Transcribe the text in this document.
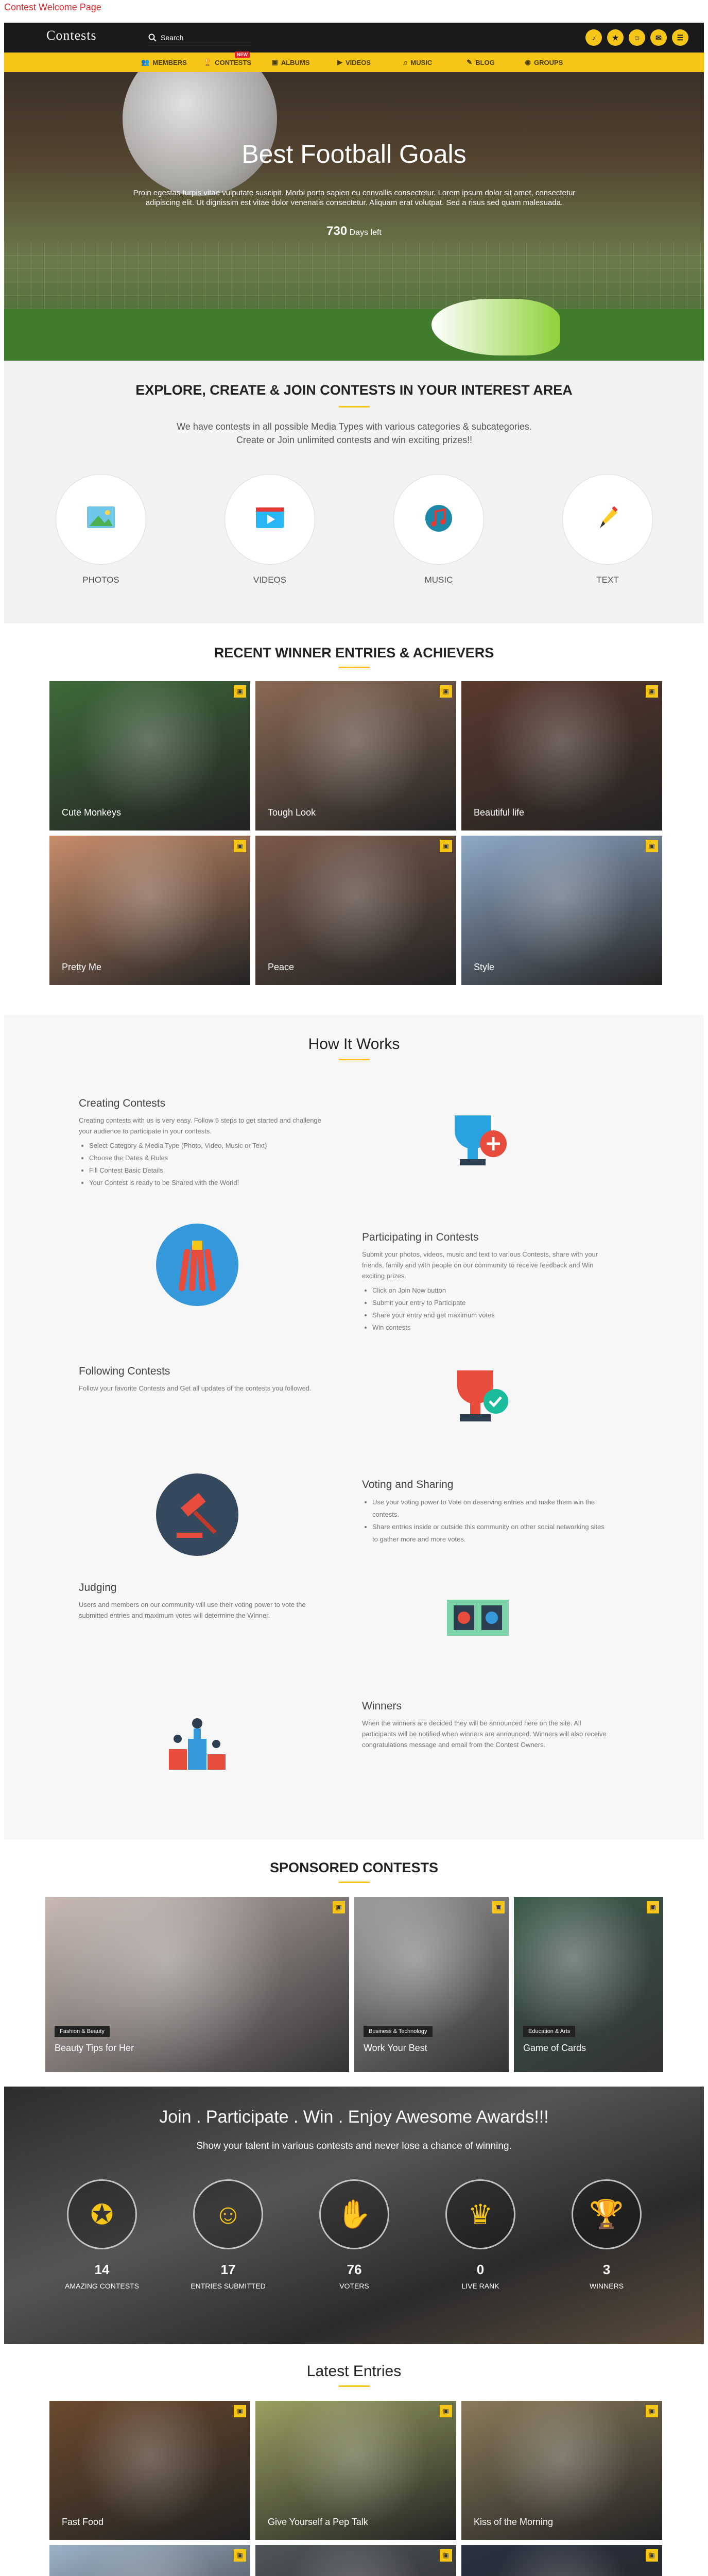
Contest Welcome Page
Contests	Search	♪	★	☺	✉	☰
👥 MEMBERS 🏆 CONTESTS
NEW
▣ ALBUMS	▶ VIDEOS	♫ MUSIC	✎ BLOG	◉ GROUPS
Best Football Goals

Proin egestas turpis vitae vulputate suscipit. Morbi porta sapien eu convallis consectetur. Lorem ipsum dolor sit amet, consectetur adipiscing elit. Ut dignissim est vitae dolor venenatis consectetur. Aliquam erat volutpat. Sed a risus sed quam malesuada.

730 Days left
EXPLORE, CREATE & JOIN CONTESTS IN YOUR INTEREST AREA

We have contests in all possible Media Types with various categories & subcategories.
Create or Join unlimited contests and win exciting prizes!!

PHOTOS	VIDEOS	MUSIC	TEXT
RECENT WINNER ENTRIES & ACHIEVERS
▣
Cute Monkeys
▣
Tough Look
▣
Beautiful life
▣
Pretty Me
▣
Peace
▣
Style
How It Works
Creating Contests

Creating contests with us is very easy. Follow 5 steps to get started and challenge your audience to participate in your contests.

• Select Category & Media Type (Photo, Video, Music or Text)
• Choose the Dates & Rules
• Fill Contest Basic Details
• Your Contest is ready to be Shared with the World!
Participating in Contests

Submit your photos, videos, music and text to various Contests, share with your friends, family and with people on our community to receive feedback and Win exciting prizes.

• Click on Join Now button
• Submit your entry to Participate
• Share your entry and get maximum votes
• Win contests
Following Contests

Follow your favorite Contests and Get all updates of the contests you followed.

Voting and Sharing
• Use your voting power to Vote on deserving entries and make them win the contests.
• Share entries inside or outside this community on other social networking sites to gather more and more votes.
Judging

Users and members on our community will use their voting power to vote the submitted entries and maximum votes will determine the Winner.

Winners

When the winners are decided they will be announced here on the site. All participants will be notified when winners are announced. Winners will also receive congratulations message and email from the Contest Owners.

SPONSORED CONTESTS
▣
Fashion & Beauty
Beauty Tips for Her
▣
Business & Technology
Work Your Best
▣
Education & Arts
Game of Cards
Join . Participate . Win . Enjoy Awesome Awards!!!

Show your talent in various contests and never lose a chance of winning.

✪
14
AMAZING CONTESTS
☺
17
ENTRIES SUBMITTED
✋
76
VOTERS
♛
0
LIVE RANK
🏆
3
WINNERS
Latest Entries
▣
Fast Food
▣
Give Yourself a Pep Talk
▣
Kiss of the Morning
▣	▣	▣
